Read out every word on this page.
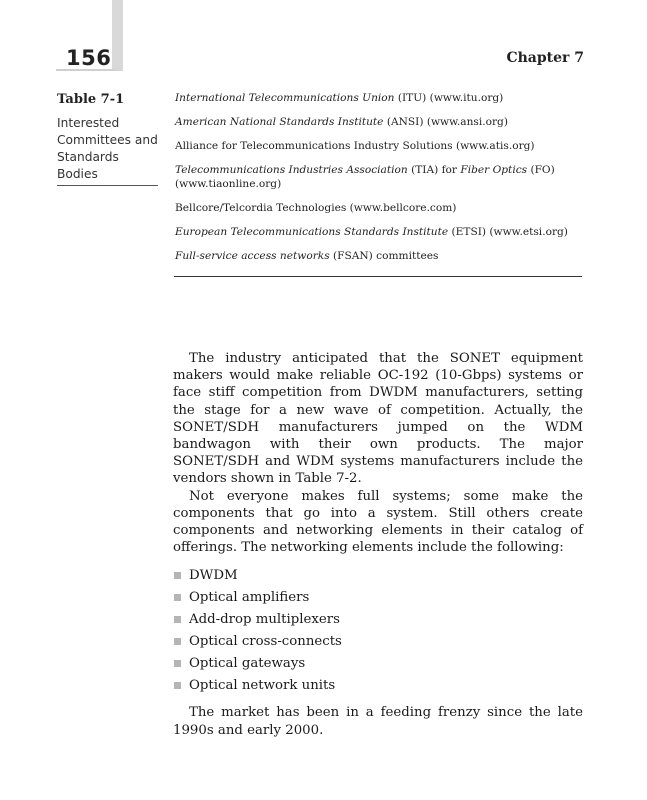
156	Chapter 7
Table 7-1
Interested Committees and Standards Bodies
International Telecommunications Union (ITU) (www.itu.org)
American National Standards Institute (ANSI) (www.ansi.org)
Alliance for Telecommunications Industry Solutions (www.atis.org)
Telecommunications Industries Association (TIA) for Fiber Optics (FO) (www.tiaonline.org)
Bellcore/Telcordia Technologies (www.bellcore.com)
European Telecommunications Standards Institute (ETSI) (www.etsi.org)
Full-service access networks (FSAN) committees

The industry anticipated that the SONET equipment makers would make reliable OC-192 (10-Gbps) systems or face stiff competition from DWDM manufacturers, setting the stage for a new wave of competition. Actually, the SONET/SDH manufacturers jumped on the WDM bandwagon with their own products. The major SONET/SDH and WDM systems manufacturers include the vendors shown in Table 7-2.

Not everyone makes full systems; some make the components that go into a system. Still others create components and networking elements in their catalog of offerings. The networking elements include the following:

DWDM
Optical amplifiers
Add-drop multiplexers
Optical cross-connects
Optical gateways
Optical network units

The market has been in a feeding frenzy since the late 1990s and early 2000.
